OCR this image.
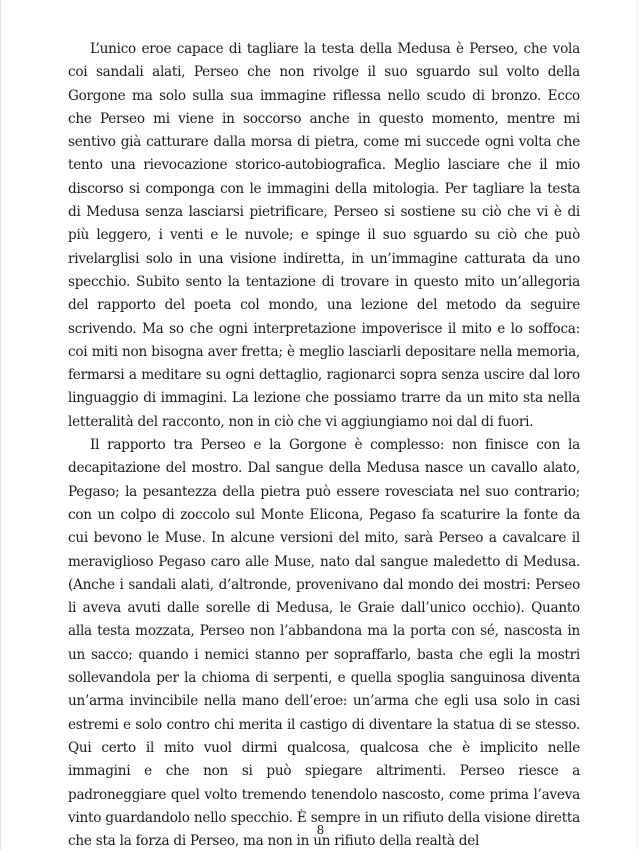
L’unico eroe capace di tagliare la testa della Medusa è Perseo, che vola coi sandali alati, Perseo che non rivolge il suo sguardo sul volto della Gorgone ma solo sulla sua immagine riflessa nello scudo di bronzo. Ecco che Perseo mi viene in soccorso anche in questo momento, mentre mi sentivo già catturare dalla morsa di pietra, come mi succede ogni volta che tento una rievocazione storico-autobiografica. Meglio lasciare che il mio discorso si componga con le immagini della mitologia. Per tagliare la testa di Medusa senza lasciarsi pietrificare, Perseo si sostiene su ciò che vi è di più leggero, i venti e le nuvole; e spinge il suo sguardo su ciò che può rivelarglisi solo in una visione indiretta, in un’immagine catturata da uno specchio. Subito sento la tentazione di trovare in questo mito un’allegoria del rapporto del poeta col mondo, una lezione del metodo da seguire scrivendo. Ma so che ogni interpretazione impoverisce il mito e lo soffoca: coi miti non bisogna aver fretta; è meglio lasciarli depositare nella memoria, fermarsi a meditare su ogni dettaglio, ragionarci sopra senza uscire dal loro linguaggio di immagini. La lezione che possiamo trarre da un mito sta nella letteralità del racconto, non in ciò che vi aggiungiamo noi dal di fuori.

Il rapporto tra Perseo e la Gorgone è complesso: non finisce con la decapitazione del mostro. Dal sangue della Medusa nasce un cavallo alato, Pegaso; la pesantezza della pietra può essere rovesciata nel suo contrario; con un colpo di zoccolo sul Monte Elicona, Pegaso fa scaturire la fonte da cui bevono le Muse. In alcune versioni del mito, sarà Perseo a cavalcare il meraviglioso Pegaso caro alle Muse, nato dal sangue maledetto di Medusa. (Anche i sandali alati, d’altronde, provenivano dal mondo dei mostri: Perseo li aveva avuti dalle sorelle di Medusa, le Graie dall’unico occhio). Quanto alla testa mozzata, Perseo non l’abbandona ma la porta con sé, nascosta in un sacco; quando i nemici stanno per sopraffarlo, basta che egli la mostri sollevandola per la chioma di serpenti, e quella spoglia sanguinosa diventa un’arma invincibile nella mano dell’eroe: un’arma che egli usa solo in casi estremi e solo contro chi merita il castigo di diventare la statua di se stesso. Qui certo il mito vuol dirmi qualcosa, qualcosa che è implicito nelle immagini e che non si può spiegare altrimenti. Perseo riesce a padroneggiare quel volto tremendo tenendolo nascosto, come prima l’aveva vinto guardandolo nello specchio. È sempre in un rifiuto della visione diretta che sta la forza di Perseo, ma non in un rifiuto della realtà del

8
